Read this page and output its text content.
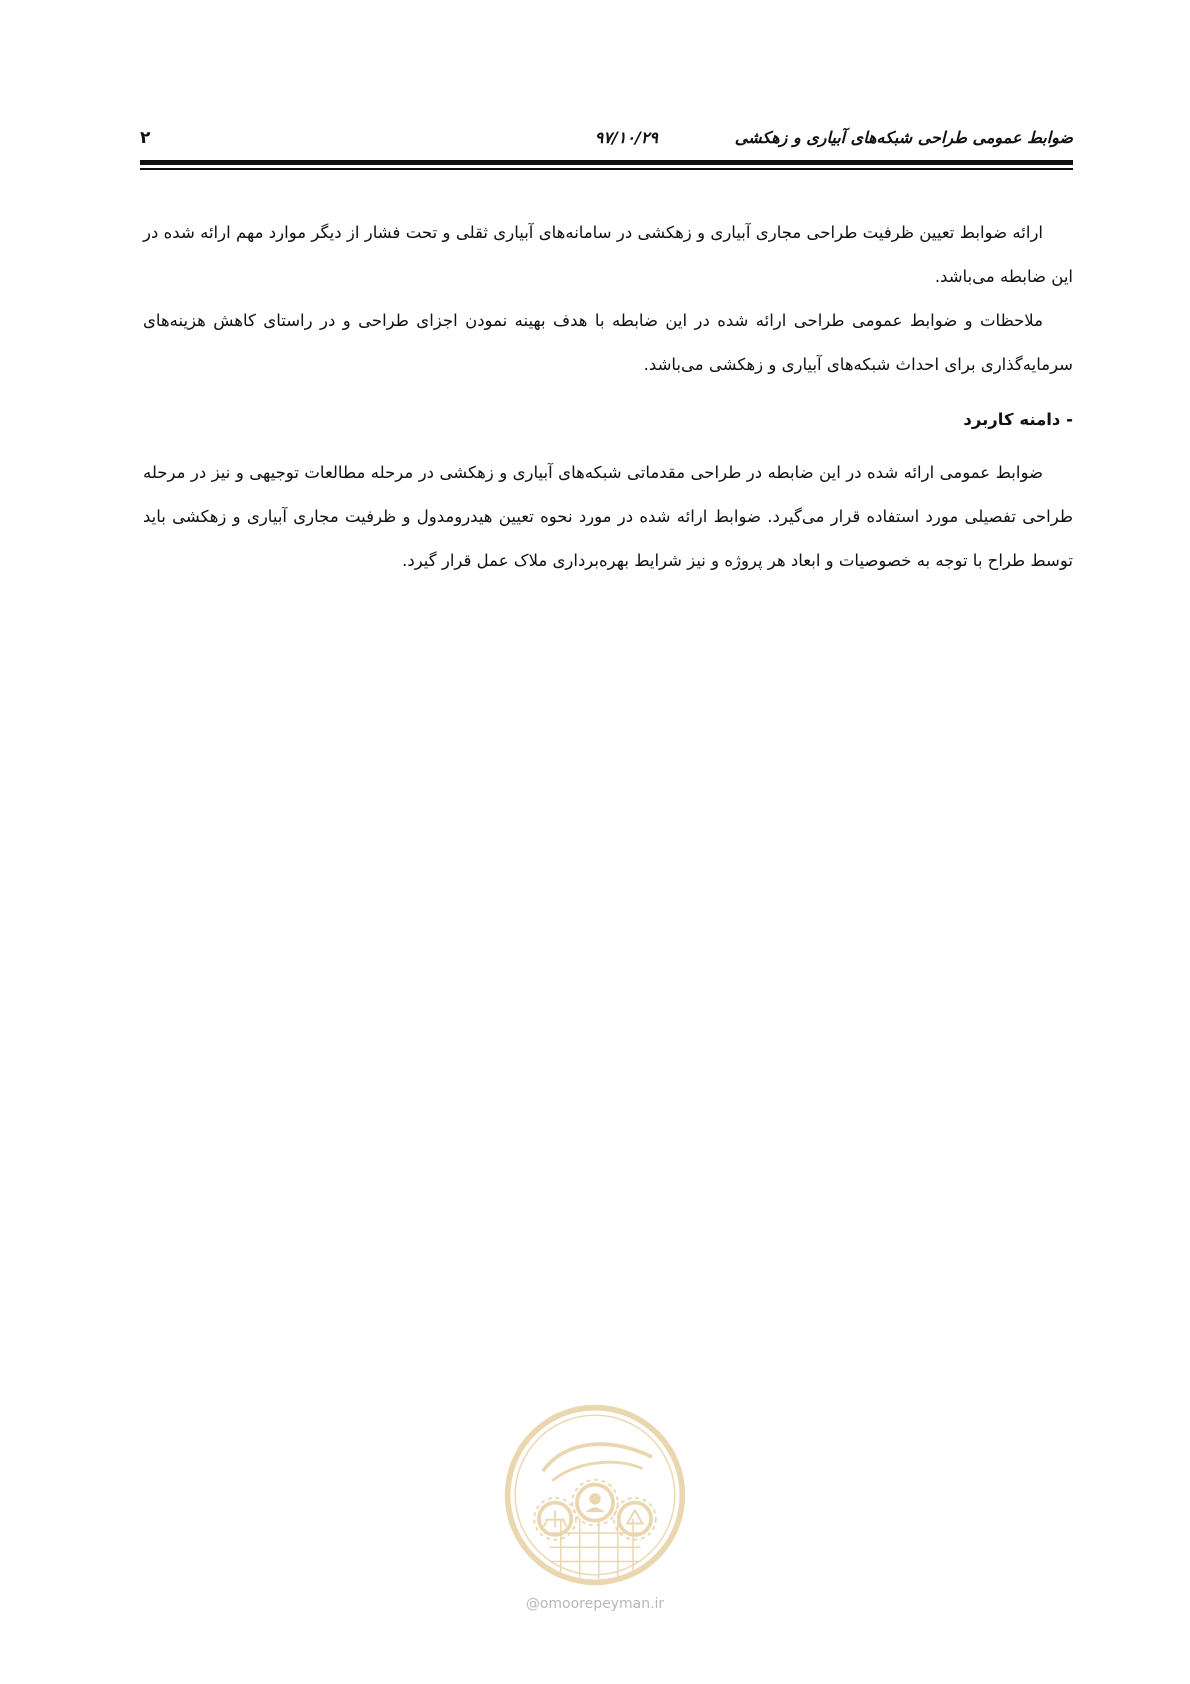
ضوابط عمومی طراحی شبکه‌های آبیاری و زهکشی
۹۷/۱۰/۲۹
۲

ارائه ضوابط تعیین ظرفیت طراحی مجاری آبیاری و زهکشی در سامانه‌های آبیاری ثقلی و تحت فشار از دیگر موارد مهم ارائه شده در این ضابطه می‌باشد.

ملاحظات و ضوابط عمومی طراحی ارائه شده در این ضابطه با هدف بهینه نمودن اجزای طراحی و در راستای کاهش هزینه‌های سرمایه‌گذاری برای احداث شبکه‌های آبیاری و زهکشی می‌باشد.

- دامنه کاربرد

ضوابط عمومی ارائه شده در این ضابطه در طراحی مقدماتی شبکه‌های آبیاری و زهکشی در مرحله مطالعات توجیهی و نیز در مرحله طراحی تفصیلی مورد استفاده قرار می‌گیرد. ضوابط ارائه شده در مورد نحوه تعیین هیدرومدول و ظرفیت مجاری آبیاری و زهکشی باید توسط طراح با توجه به خصوصیات و ابعاد هر پروژه و نیز شرایط بهره‌برداری ملاک عمل قرار گیرد.

@omoorepeyman.ir
